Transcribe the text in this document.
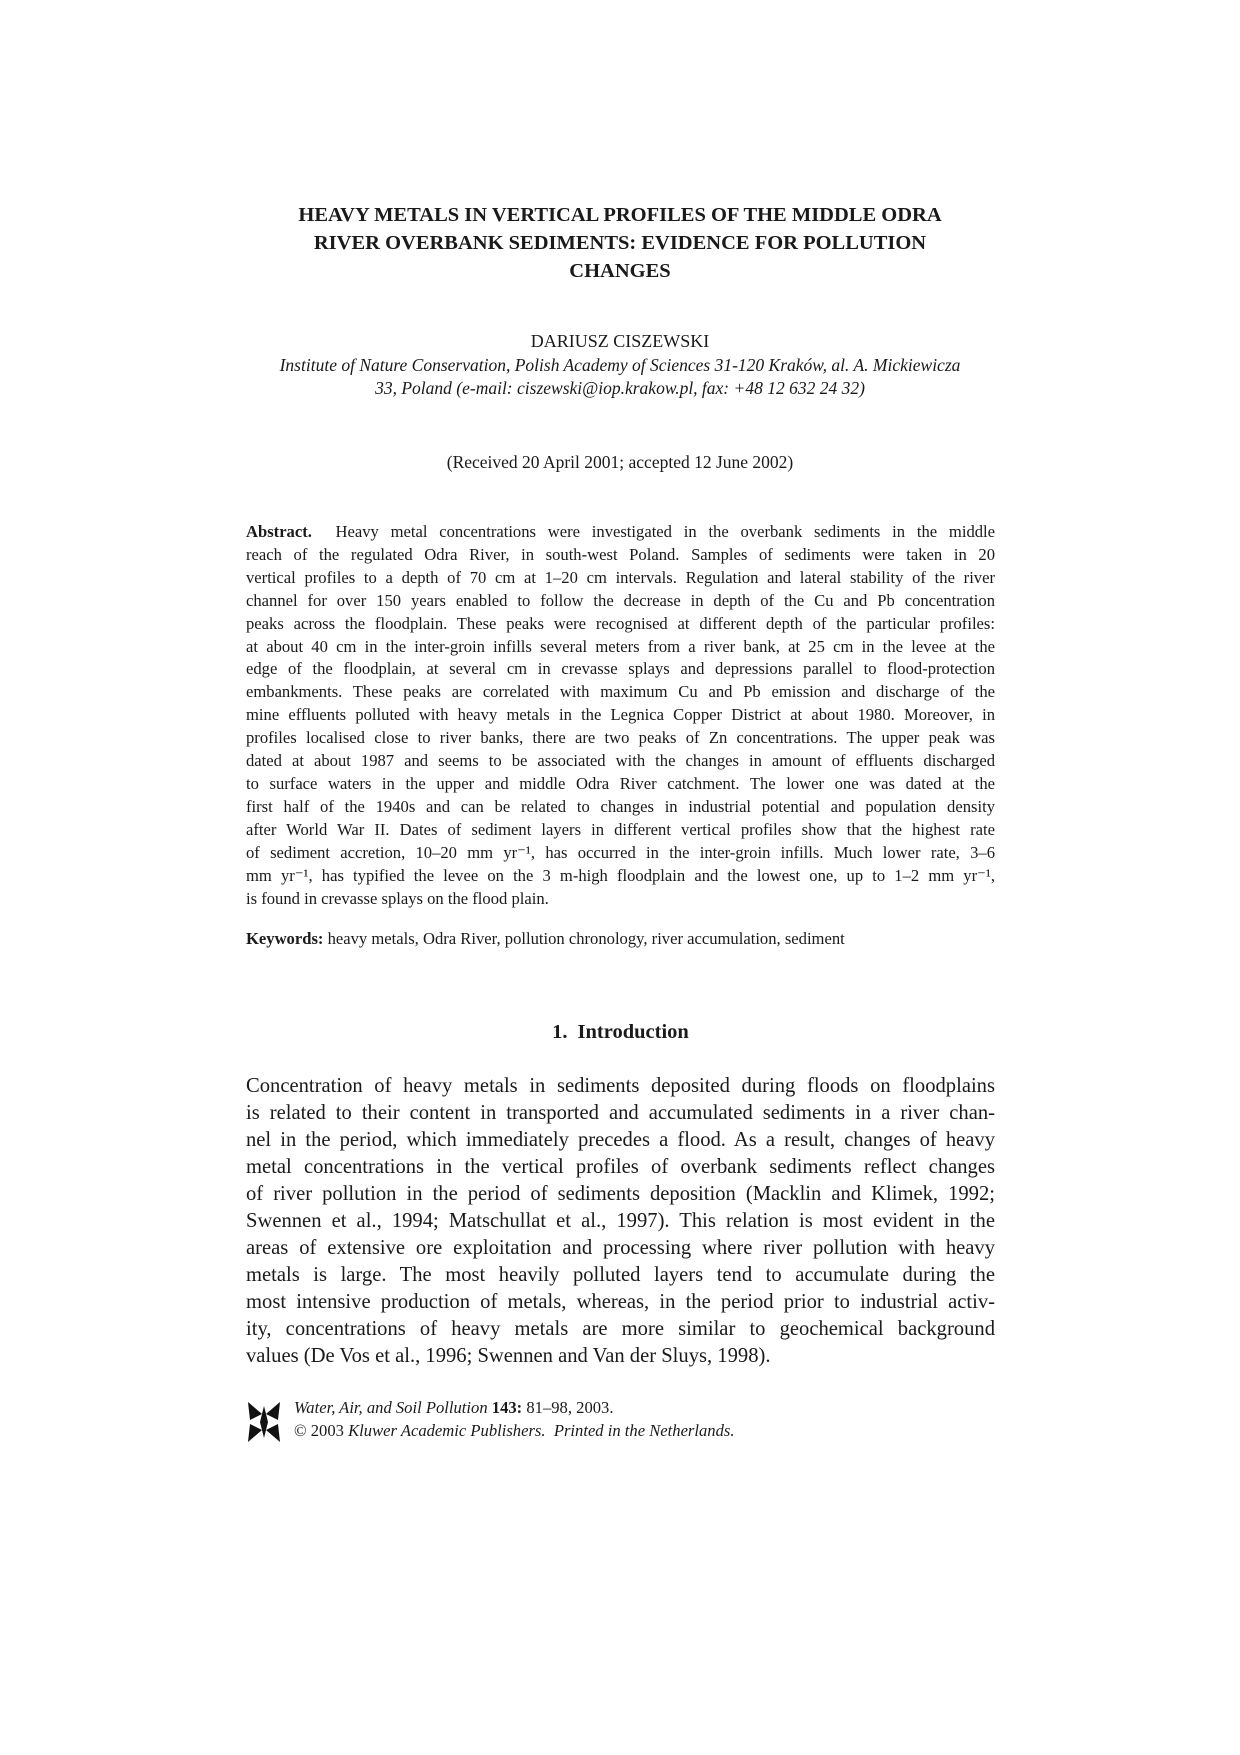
HEAVY METALS IN VERTICAL PROFILES OF THE MIDDLE ODRA
RIVER OVERBANK SEDIMENTS: EVIDENCE FOR POLLUTION
CHANGES
DARIUSZ CISZEWSKI
Institute of Nature Conservation, Polish Academy of Sciences 31-120 Kraków, al. A. Mickiewicza
33, Poland (e-mail: ciszewski@iop.krakow.pl, fax: +48 12 632 24 32)
(Received 20 April 2001; accepted 12 June 2002)
Abstract. Heavy metal concentrations were investigated in the overbank sediments in the middle
reach of the regulated Odra River, in south-west Poland. Samples of sediments were taken in 20
vertical profiles to a depth of 70 cm at 1–20 cm intervals. Regulation and lateral stability of the river
channel for over 150 years enabled to follow the decrease in depth of the Cu and Pb concentration
peaks across the floodplain. These peaks were recognised at different depth of the particular profiles:
at about 40 cm in the inter-groin infills several meters from a river bank, at 25 cm in the levee at the
edge of the floodplain, at several cm in crevasse splays and depressions parallel to flood-protection
embankments. These peaks are correlated with maximum Cu and Pb emission and discharge of the
mine effluents polluted with heavy metals in the Legnica Copper District at about 1980. Moreover, in
profiles localised close to river banks, there are two peaks of Zn concentrations. The upper peak was
dated at about 1987 and seems to be associated with the changes in amount of effluents discharged
to surface waters in the upper and middle Odra River catchment. The lower one was dated at the
first half of the 1940s and can be related to changes in industrial potential and population density
after World War II. Dates of sediment layers in different vertical profiles show that the highest rate
of sediment accretion, 10–20 mm yr⁻¹, has occurred in the inter-groin infills. Much lower rate, 3–6
mm yr⁻¹, has typified the levee on the 3 m-high floodplain and the lowest one, up to 1–2 mm yr⁻¹,
is found in crevasse splays on the flood plain.
Keywords: heavy metals, Odra River, pollution chronology, river accumulation, sediment
1. Introduction
Concentration of heavy metals in sediments deposited during floods on floodplains
is related to their content in transported and accumulated sediments in a river chan-
nel in the period, which immediately precedes a flood. As a result, changes of heavy
metal concentrations in the vertical profiles of overbank sediments reflect changes
of river pollution in the period of sediments deposition (Macklin and Klimek, 1992;
Swennen et al., 1994; Matschullat et al., 1997). This relation is most evident in the
areas of extensive ore exploitation and processing where river pollution with heavy
metals is large. The most heavily polluted layers tend to accumulate during the
most intensive production of metals, whereas, in the period prior to industrial activ-
ity, concentrations of heavy metals are more similar to geochemical background
values (De Vos et al., 1996; Swennen and Van der Sluys, 1998).
Water, Air, and Soil Pollution 143: 81–98, 2003.
© 2003 Kluwer Academic Publishers. Printed in the Netherlands.
